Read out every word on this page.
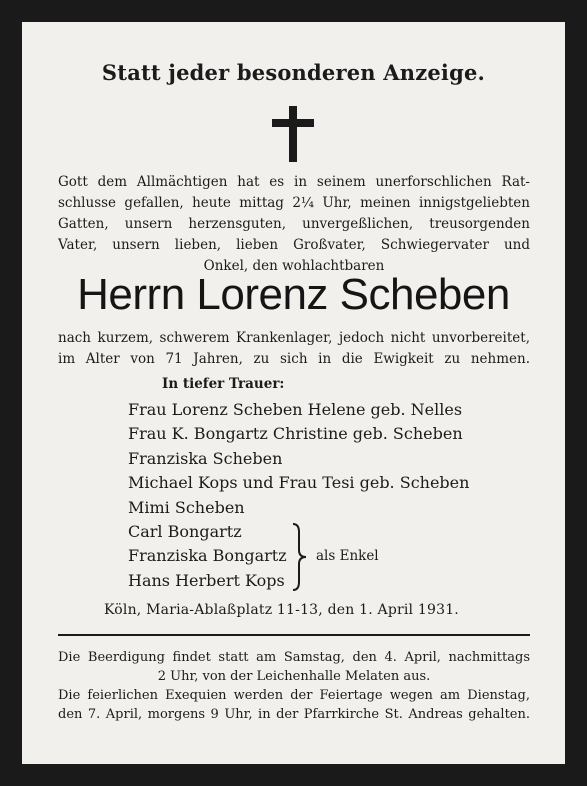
Statt jeder besonderen Anzeige.
Gott dem Allmächtigen hat es in seinem unerforschlichen Rat-
schlusse gefallen, heute mittag 2¼ Uhr, meinen innigstgeliebten
Gatten, unsern herzensguten, unvergeßlichen, treusorgenden
Vater, unsern lieben, lieben Großvater, Schwiegervater und
Onkel, den wohlachtbaren
Herrn Lorenz Scheben
nach kurzem, schwerem Krankenlager, jedoch nicht unvorbereitet,
im Alter von 71 Jahren, zu sich in die Ewigkeit zu nehmen.
In tiefer Trauer:
Frau Lorenz Scheben Helene geb. Nelles
Frau K. Bongartz Christine geb. Scheben
Franziska Scheben
Michael Kops und Frau Tesi geb. Scheben
Mimi Scheben
Carl Bongartz
Franziska Bongartz
Hans Herbert Kops
als Enkel
Köln, Maria-Ablaßplatz 11-13, den 1. April 1931.
Die Beerdigung findet statt am Samstag, den 4. April, nachmittags
2 Uhr, von der Leichenhalle Melaten aus.
Die feierlichen Exequien werden der Feiertage wegen am Dienstag,
den 7. April, morgens 9 Uhr, in der Pfarrkirche St. Andreas gehalten.
